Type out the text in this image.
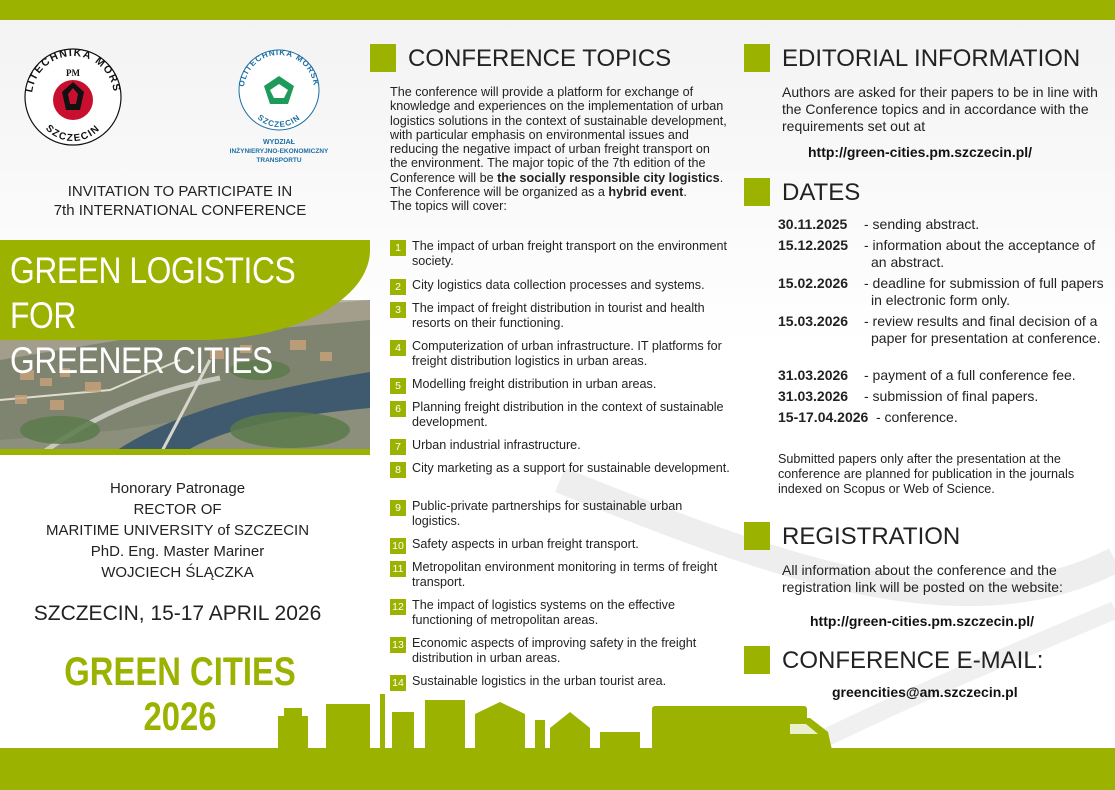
LITECHNIKA MORS
SZCZECIN
PM
OLITECHNIKA MORSK
SZCZECIN
WYDZIAŁ
INŻYNIERYJNO-EKONOMICZNY
TRANSPORTU
INVITATION TO PARTICIPATE IN
7th INTERNATIONAL CONFERENCE
GREEN LOGISTICS FOR
GREENER CITIES
Honorary Patronage
RECTOR OF
MARITIME UNIVERSITY of SZCZECIN
PhD. Eng. Master Mariner
WOJCIECH ŚLĄCZKA
SZCZECIN, 15-17 APRIL 2026
GREEN CITIES 2026
CONFERENCE TOPICS
The conference will provide a platform for exchange of knowledge and experiences on the implementation of urban logistics solutions in the context of sustainable development, with particular emphasis on environmental issues and reducing the negative impact of urban freight transport on the environment. The major topic of the 7th edition of the Conference will be the socially responsible city logistics.
The Conference will be organized as a hybrid event.
The topics will cover:
1 The impact of urban freight transport on the environment society.
2 City logistics data collection processes and systems.
3 The impact of freight distribution in tourist and health resorts on their functioning.
4 Computerization of urban infrastructure. IT platforms for freight distribution logistics in urban areas.
5 Modelling freight distribution in urban areas.
6 Planning freight distribution in the context of sustainable development.
7 Urban industrial infrastructure.
8 City marketing as a support for sustainable development.
9 Public-private partnerships for sustainable urban logistics.
10 Safety aspects in urban freight transport.
11 Metropolitan environment monitoring in terms of freight transport.
12 The impact of logistics systems on the effective functioning of metropolitan areas.
13 Economic aspects of improving safety in the freight distribution in urban areas.
14 Sustainable logistics in the urban tourist area.
EDITORIAL INFORMATION
Authors are asked for their papers to be in line with the Conference topics and in accordance with the requirements set out at
http://green-cities.pm.szczecin.pl/
DATES
30.11.2025 - sending abstract.
15.12.2025 - information about the acceptance of an abstract.
15.02.2026 - deadline for submission of full papers in electronic form only.
15.03.2026 - review results and final decision of a paper for presentation at conference.
31.03.2026 - payment of a full conference fee.
31.03.2026 - submission of final papers.
15-17.04.2026 - conference.
Submitted papers only after the presentation at the conference are planned for publication in the journals indexed on Scopus or Web of Science.
REGISTRATION
All information about the conference and the registration link will be posted on the website:
http://green-cities.pm.szczecin.pl/
CONFERENCE E-MAIL:
greencities@am.szczecin.pl
